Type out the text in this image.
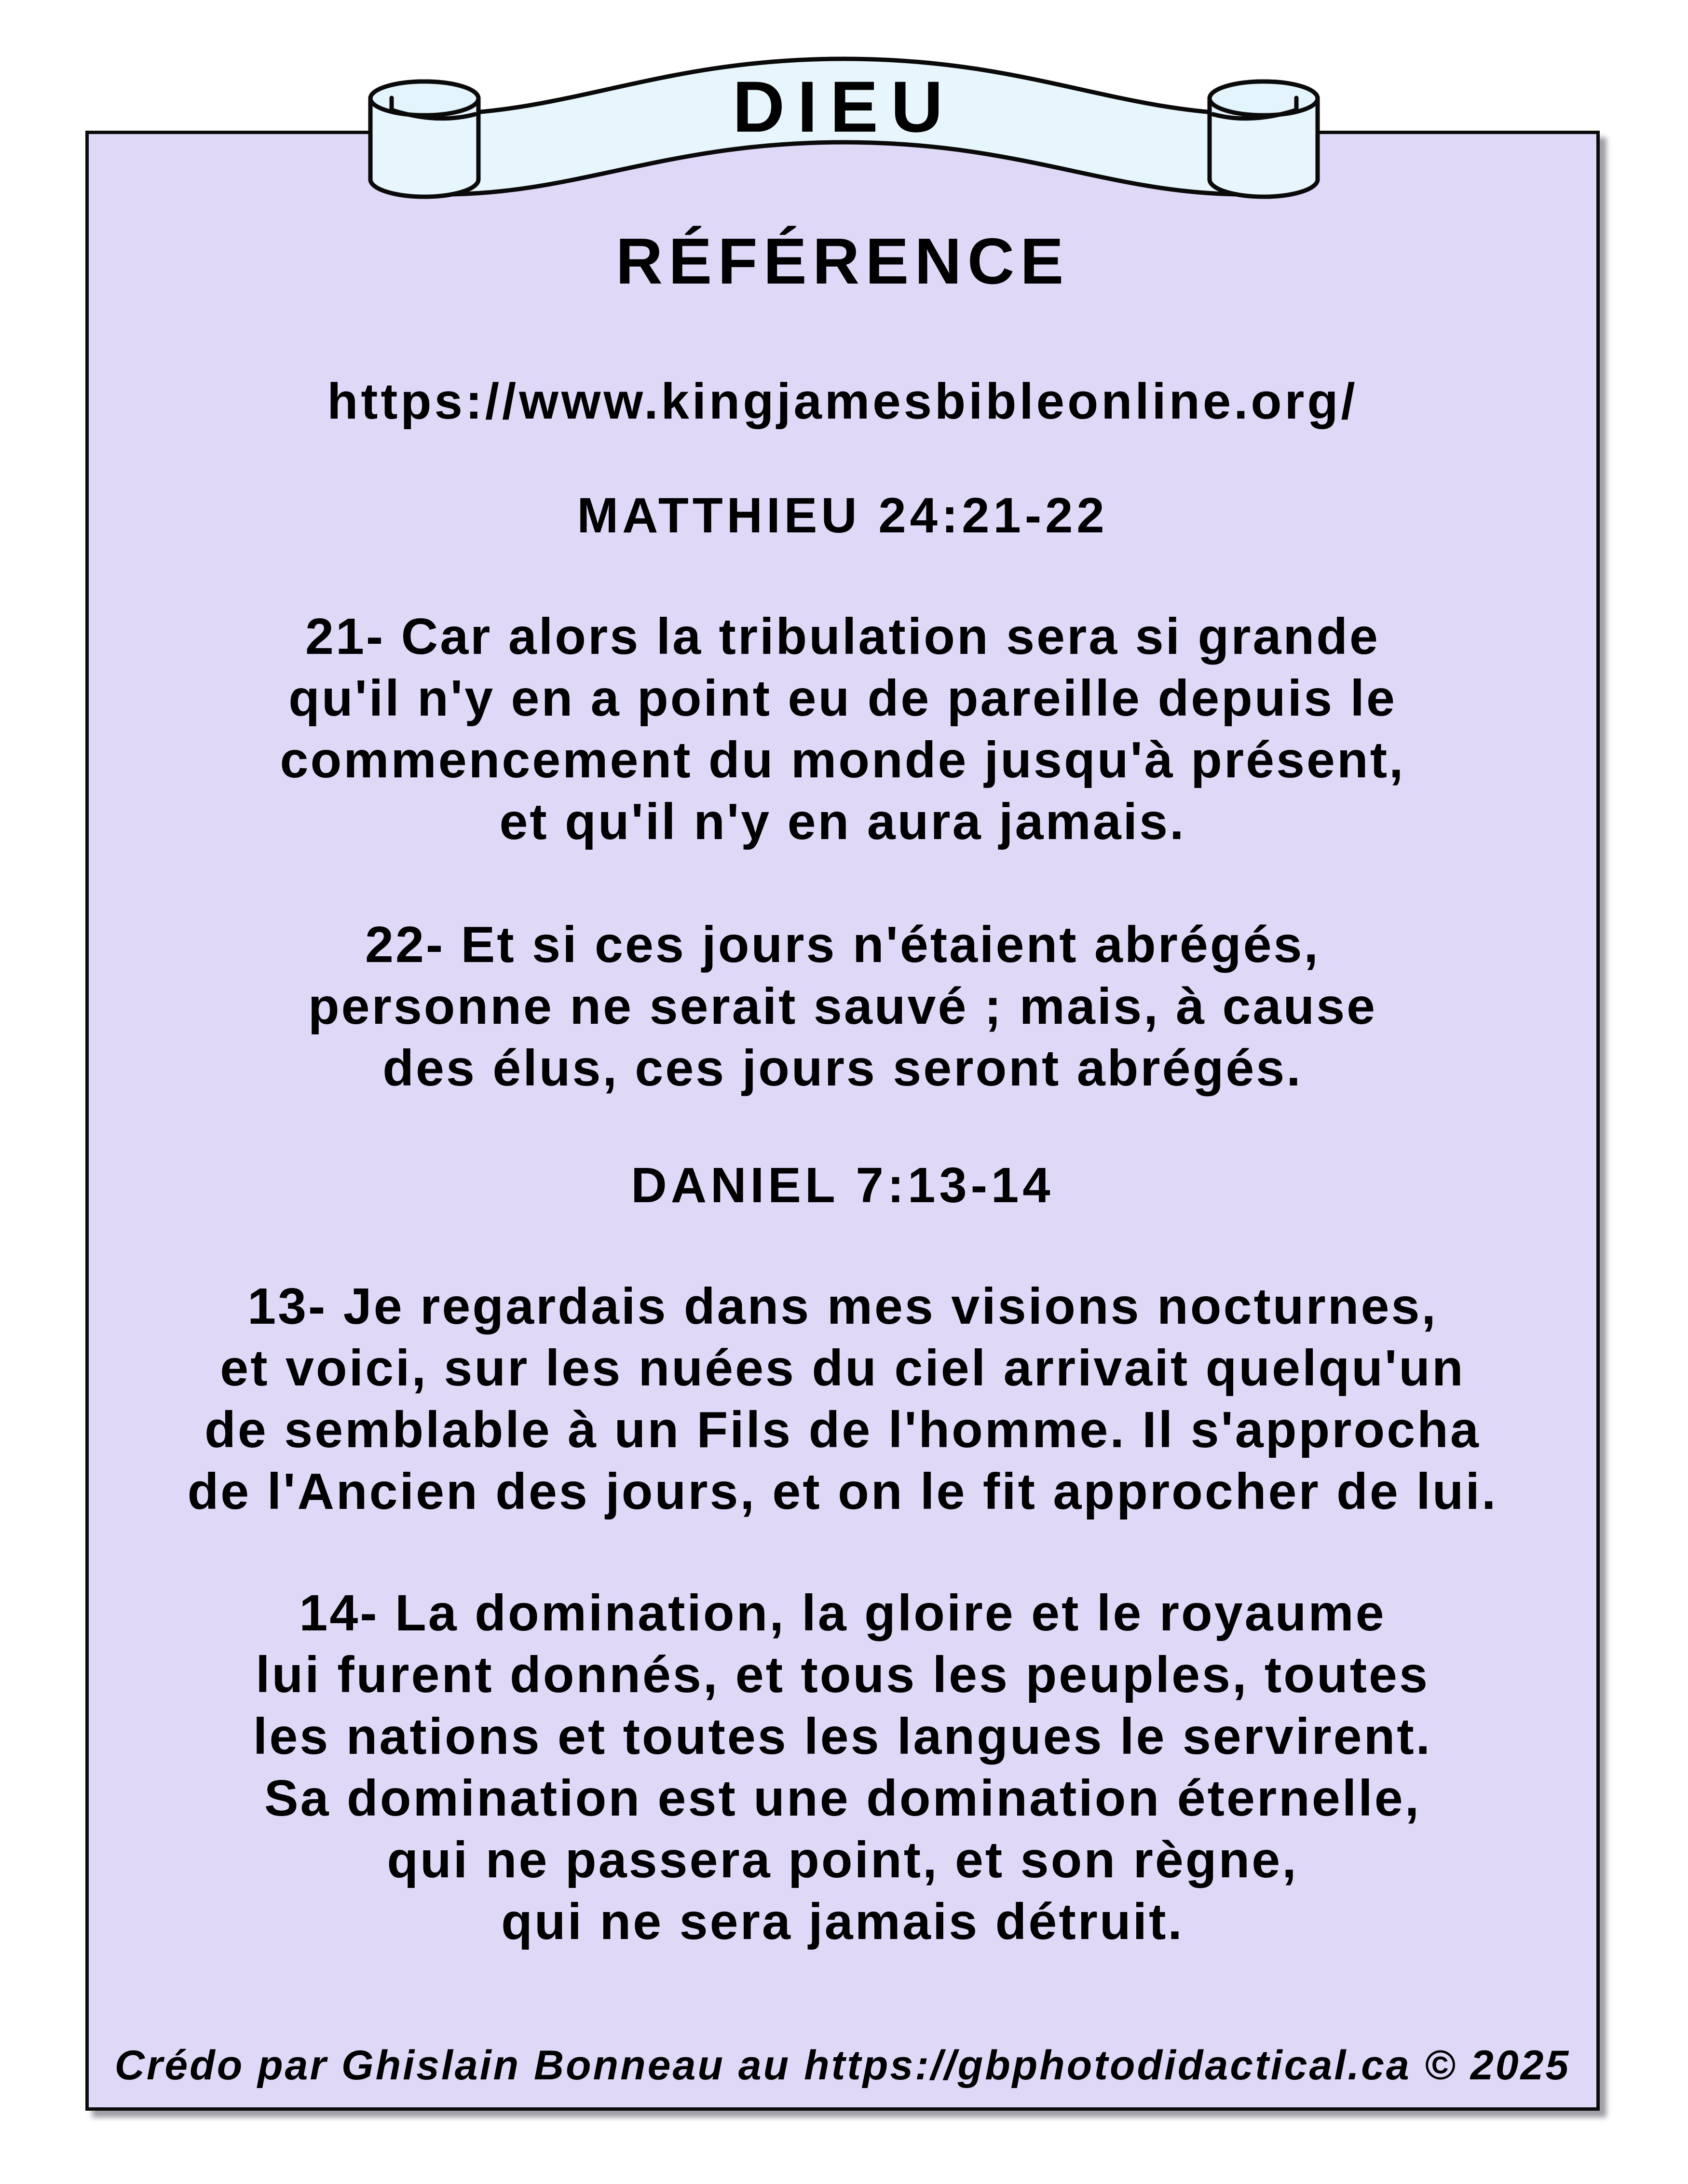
DIEU
RÉFÉRENCE
https://www.kingjamesbibleonline.org/
MATTHIEU 24:21-22
21- Car alors la tribulation sera si grande
qu'il n'y en a point eu de pareille depuis le
commencement du monde jusqu'à présent,
et qu'il n'y en aura jamais.
22- Et si ces jours n'étaient abrégés,
personne ne serait sauvé ; mais, à cause
des élus, ces jours seront abrégés.
DANIEL 7:13-14
13- Je regardais dans mes visions nocturnes,
et voici, sur les nuées du ciel arrivait quelqu'un
de semblable à un Fils de l'homme. Il s'approcha
de l'Ancien des jours, et on le fit approcher de lui.
14- La domination, la gloire et le royaume
lui furent donnés, et tous les peuples, toutes
les nations et toutes les langues le servirent.
Sa domination est une domination éternelle,
qui ne passera point, et son règne,
qui ne sera jamais détruit.
Crédo par Ghislain Bonneau au https://gbphotodidactical.ca © 2025
